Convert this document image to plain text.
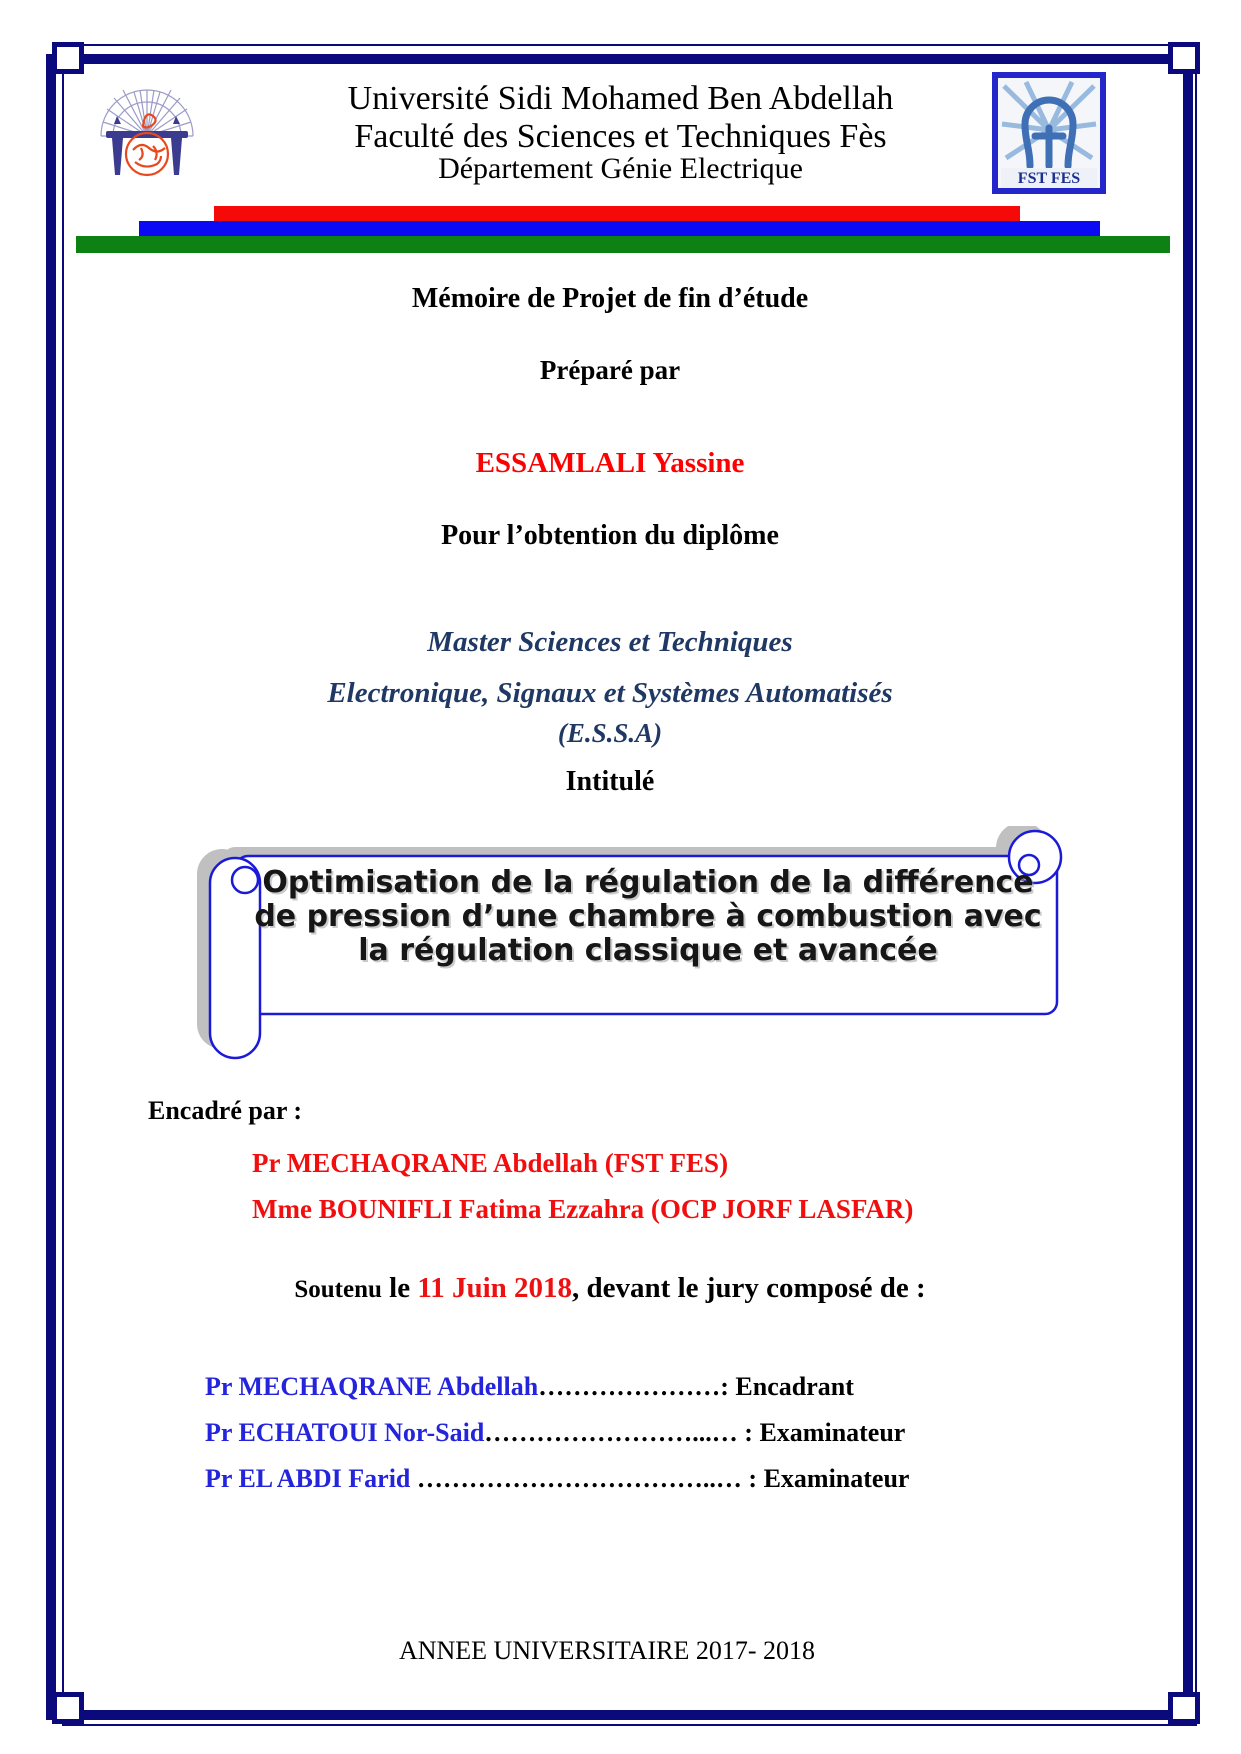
FST FES
Université Sidi Mohamed Ben Abdellah
Faculté des Sciences et Techniques Fès
Département Génie Electrique
Mémoire de Projet de fin d’étude
Préparé par
ESSAMLALI Yassine
Pour l’obtention du diplôme
Master Sciences et Techniques
Electronique, Signaux et Systèmes Automatisés
(E.S.S.A)
Intitulé
Optimisation de la régulation de la différence
de pression d’une chambre à combustion avec
la régulation classique et avancée
Encadré par :
Pr MECHAQRANE Abdellah (FST FES)
Mme BOUNIFLI Fatima Ezzahra (OCP JORF LASFAR)
Soutenu le 11 Juin 2018, devant le jury composé de :
Pr MECHAQRANE Abdellah…………………: Encadrant
Pr ECHATOUI Nor-Said……………………...… : Examinateur
Pr EL ABDI Farid ……………………………..… : Examinateur
ANNEE UNIVERSITAIRE 2017- 2018
